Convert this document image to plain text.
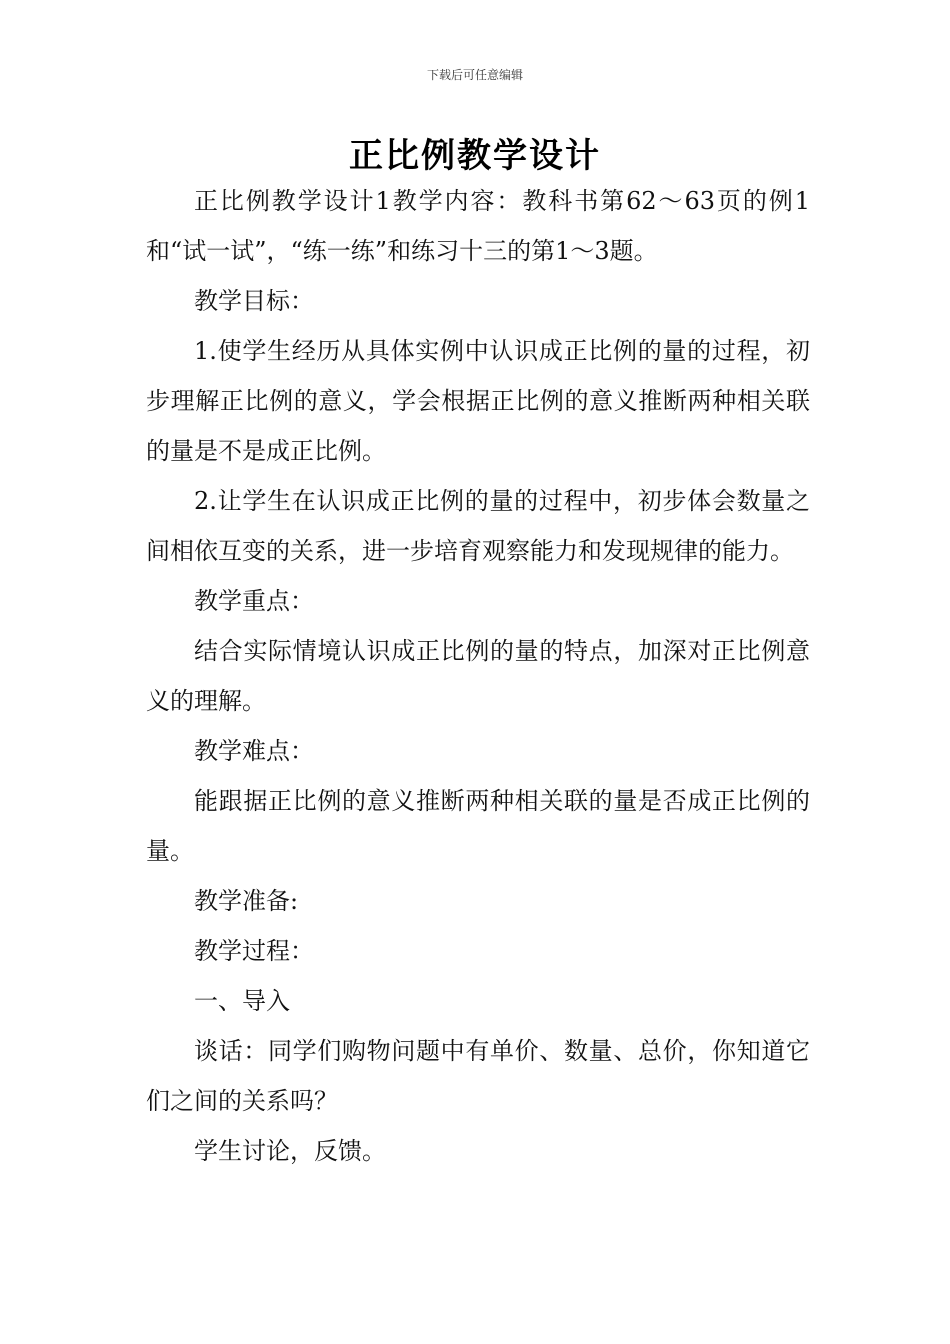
下载后可任意编辑
正比例教学设计

正比例教学设计1教学内容：教科书第62～63页的例1和“试一试”，“练一练”和练习十三的第1～3题。

教学目标：

1.使学生经历从具体实例中认识成正比例的量的过程，初步理解正比例的意义，学会根据正比例的意义推断两种相关联的量是不是成正比例。

2.让学生在认识成正比例的量的过程中，初步体会数量之间相依互变的关系，进一步培育观察能力和发现规律的能力。

教学重点：

结合实际情境认识成正比例的量的特点，加深对正比例意义的理解。

教学难点：

能跟据正比例的意义推断两种相关联的量是否成正比例的量。

教学准备:

教学过程：

一、导入

谈话：同学们购物问题中有单价、数量、总价，你知道它们之间的关系吗？

学生讨论，反馈。
